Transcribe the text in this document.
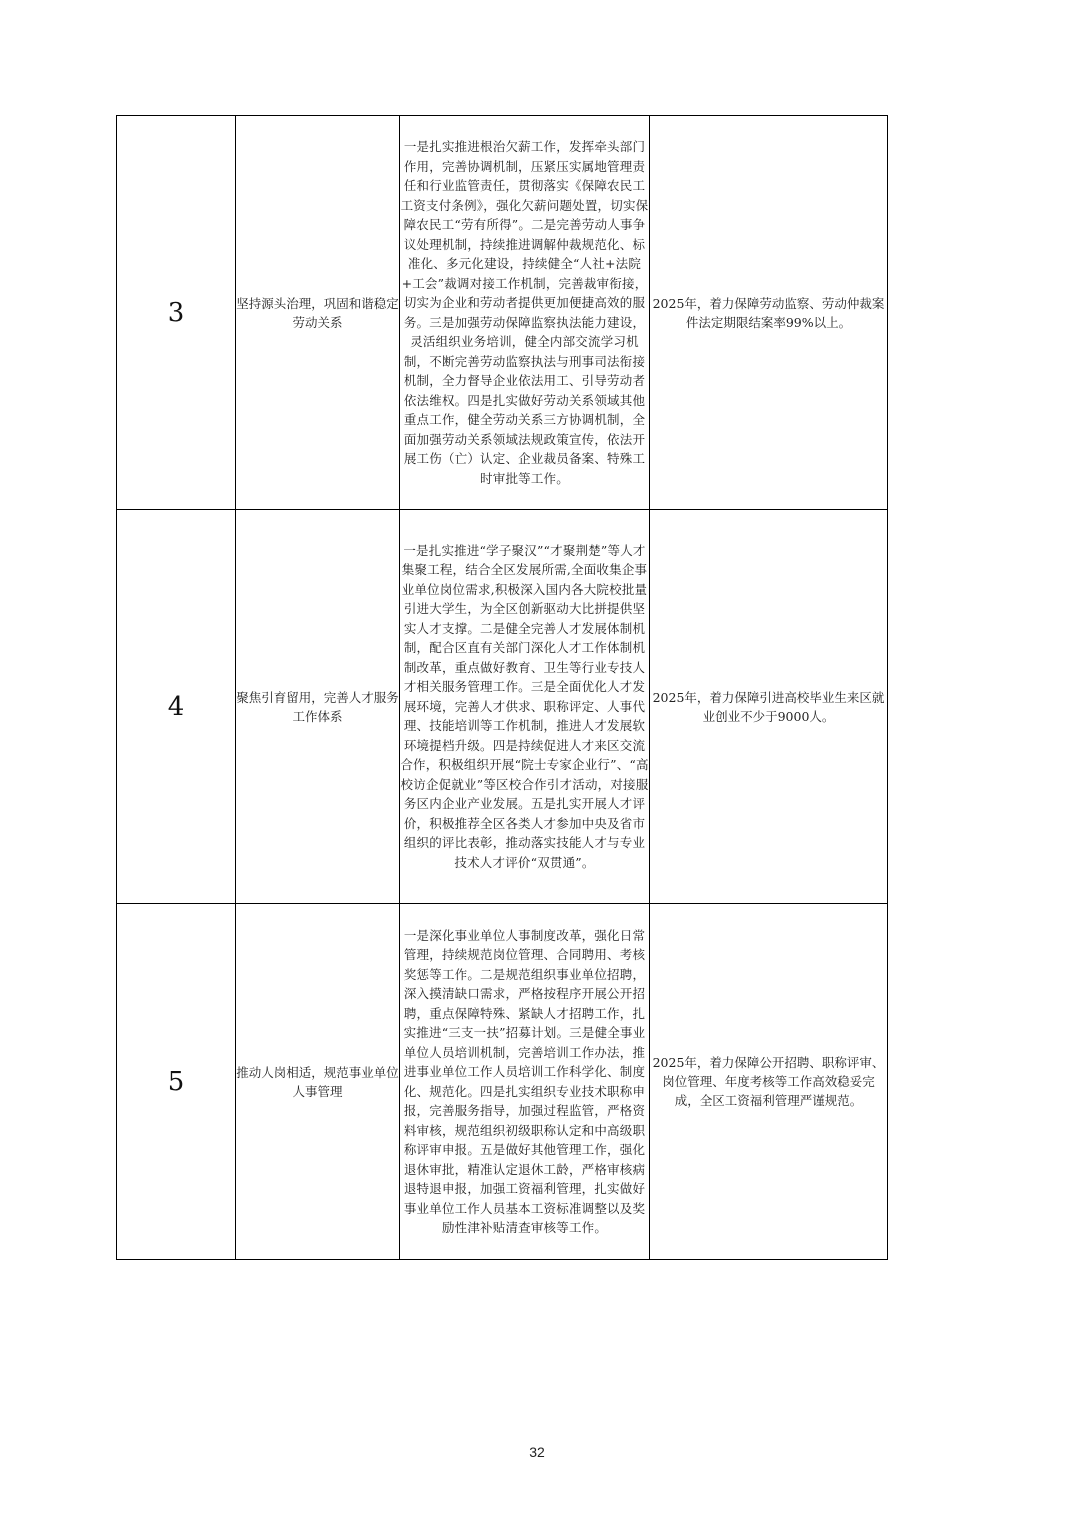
3	坚持源头治理，巩固和谐稳定劳动关系	一是扎实推进根治欠薪工作，发挥牵头部门作用，完善协调机制，压紧压实属地管理责任和行业监管责任，贯彻落实《保障农民工工资支付条例》，强化欠薪问题处置，切实保障农民工“劳有所得”。二是完善劳动人事争议处理机制，持续推进调解仲裁规范化、标准化、多元化建设，持续健全“人社+法院+工会”裁调对接工作机制，完善裁审衔接，切实为企业和劳动者提供更加便捷高效的服务。三是加强劳动保障监察执法能力建设，灵活组织业务培训，健全内部交流学习机制，不断完善劳动监察执法与刑事司法衔接机制，全力督导企业依法用工、引导劳动者依法维权。四是扎实做好劳动关系领域其他重点工作，健全劳动关系三方协调机制，全面加强劳动关系领域法规政策宣传，依法开展工伤（亡）认定、企业裁员备案、特殊工时审批等工作。	2025年，着力保障劳动监察、劳动仲裁案件法定期限结案率99%以上。
4	聚焦引育留用，完善人才服务工作体系	一是扎实推进“学子聚汉”“才聚荆楚”等人才集聚工程，结合全区发展所需,全面收集企事业单位岗位需求,积极深入国内各大院校批量引进大学生，为全区创新驱动大比拼提供坚实人才支撑。二是健全完善人才发展体制机制，配合区直有关部门深化人才工作体制机制改革，重点做好教育、卫生等行业专技人才相关服务管理工作。三是全面优化人才发展环境，完善人才供求、职称评定、人事代理、技能培训等工作机制，推进人才发展软环境提档升级。四是持续促进人才来区交流合作，积极组织开展“院士专家企业行”、“高校访企促就业”等区校合作引才活动，对接服务区内企业产业发展。五是扎实开展人才评价，积极推荐全区各类人才参加中央及省市组织的评比表彰，推动落实技能人才与专业技术人才评价“双贯通”。	2025年，着力保障引进高校毕业生来区就业创业不少于9000人。
5	推动人岗相适，规范事业单位人事管理	一是深化事业单位人事制度改革，强化日常管理，持续规范岗位管理、合同聘用、考核奖惩等工作。二是规范组织事业单位招聘，深入摸清缺口需求，严格按程序开展公开招聘，重点保障特殊、紧缺人才招聘工作，扎实推进“三支一扶”招募计划。三是健全事业单位人员培训机制，完善培训工作办法，推进事业单位工作人员培训工作科学化、制度化、规范化。四是扎实组织专业技术职称申报，完善服务指导，加强过程监管，严格资料审核，规范组织初级职称认定和中高级职称评审申报。五是做好其他管理工作，强化退休审批，精准认定退休工龄，严格审核病退特退申报，加强工资福利管理，扎实做好事业单位工作人员基本工资标准调整以及奖励性津补贴清查审核等工作。	2025年，着力保障公开招聘、职称评审、岗位管理、年度考核等工作高效稳妥完成，全区工资福利管理严谨规范。
32
